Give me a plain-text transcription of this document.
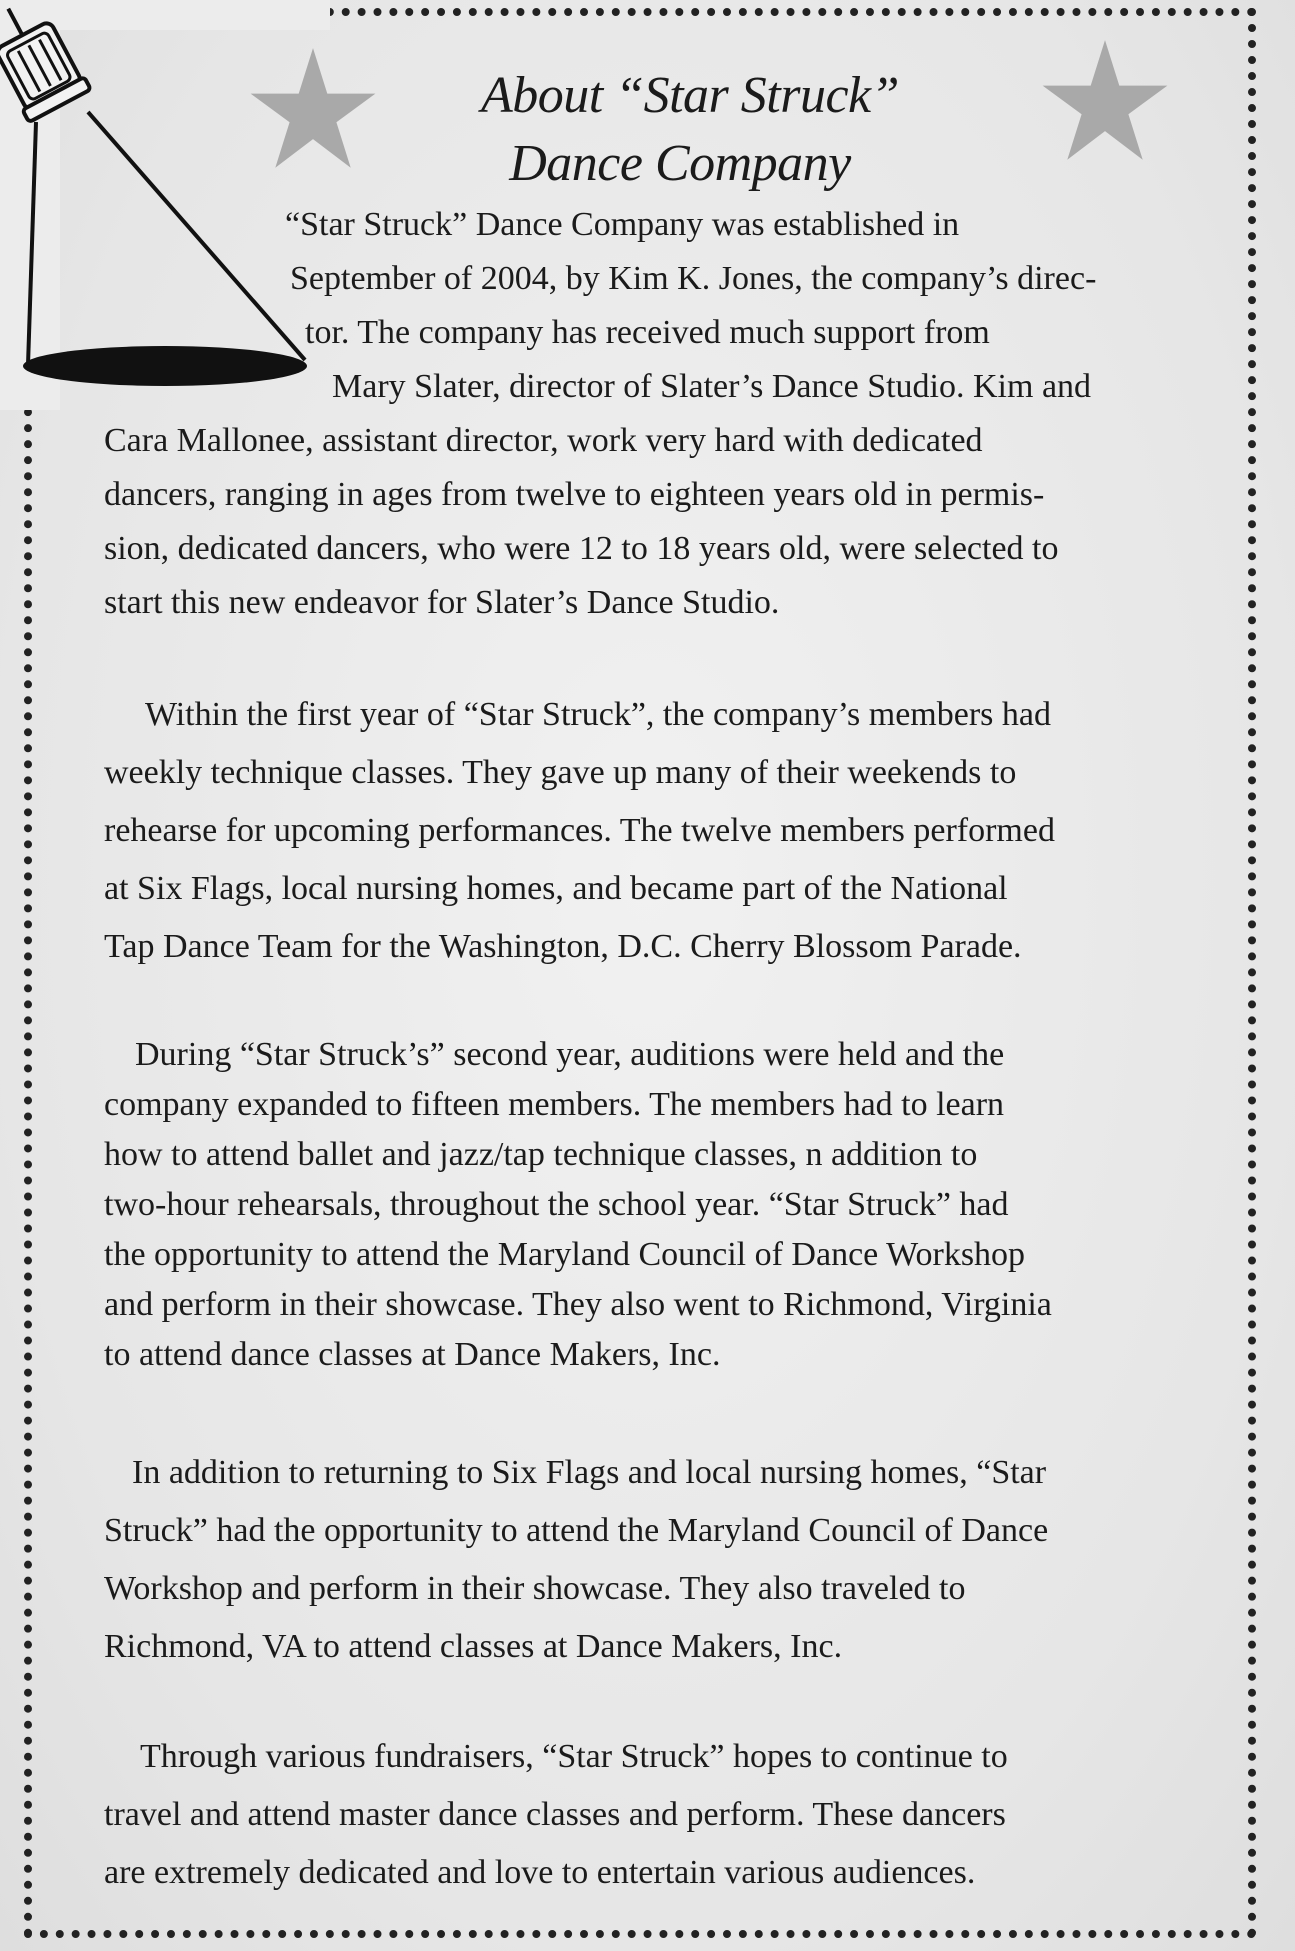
About “Star Struck”
Dance Company
“Star Struck” Dance Company was established in
September of 2004, by Kim K. Jones, the company’s direc-
tor. The company has received much support from
Mary Slater, director of Slater’s Dance Studio. Kim and
Cara Mallonee, assistant director, work very hard with dedicated
dancers, ranging in ages from twelve to eighteen years old in permis-
sion, dedicated dancers, who were 12 to 18 years old, were selected to
start this new endeavor for Slater’s Dance Studio.
Within the first year of “Star Struck”, the company’s members had
weekly technique classes. They gave up many of their weekends to
rehearse for upcoming performances. The twelve members performed
at Six Flags, local nursing homes, and became part of the National
Tap Dance Team for the Washington, D.C. Cherry Blossom Parade.
During “Star Struck’s” second year, auditions were held and the
company expanded to fifteen members. The members had to learn
how to attend ballet and jazz/tap technique classes, n addition to
two-hour rehearsals, throughout the school year. “Star Struck” had
the opportunity to attend the Maryland Council of Dance Workshop
and perform in their showcase. They also went to Richmond, Virginia
to attend dance classes at Dance Makers, Inc.
In addition to returning to Six Flags and local nursing homes, “Star
Struck” had the opportunity to attend the Maryland Council of Dance
Workshop and perform in their showcase. They also traveled to
Richmond, VA to attend classes at Dance Makers, Inc.
Through various fundraisers, “Star Struck” hopes to continue to
travel and attend master dance classes and perform. These dancers
are extremely dedicated and love to entertain various audiences.
